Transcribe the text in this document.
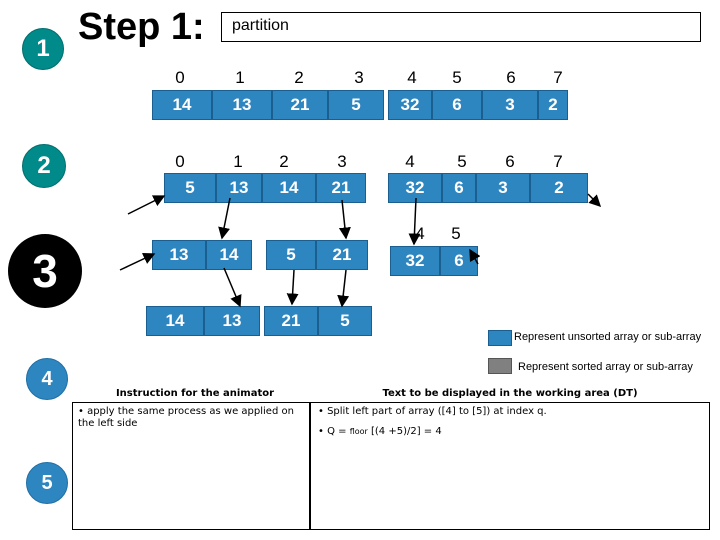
1
2
3
4
5
Step 1:	partition
0	1	2	3	4	5	6	7
14	13	21	5	32	6	3	2
0	1	2	3	4	5	6	7
5	13	14	21	32	6	3	2
13	14	5	21
4	5
32	6
14	13	21	5
Represent unsorted array or sub-array
Represent sorted array or sub-array
Instruction for the animator	Text to be displayed in the working area (DT)
• apply the same process as we applied on the left side
• Split left part of array ([4] to [5]) at index q.
• Q = floor [(4 +5)/2] = 4
